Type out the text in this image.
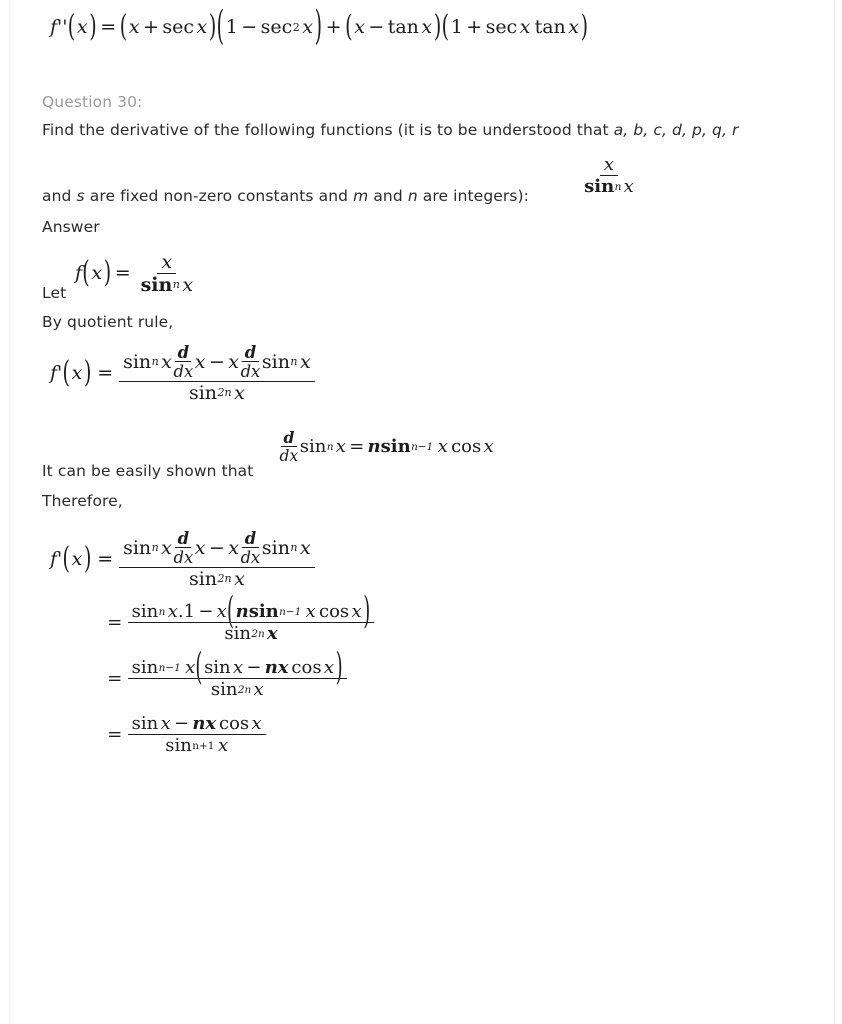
f '' ( x ) = ( x + sec x ) ( 1 − sec 2 x ) + ( x − tan x ) ( 1 + sec x tan x )
Question 30:
Find the derivative of the following functions (it is to be understood that a, b, c, d, p, q, r
and s are fixed non-zero constants and m and n are integers):	$\frac{x}{\text{sin n x}}$
Answer
Let
f ( x ) = $\frac{x}{\text{sin n x}}$
By quotient rule,
f' ( x ) =
sin n x d
dx x − x d
dx sin n x
sin 2n x
It can be easily shown that
d
dx sin n x = n sin n−1 x cos x
Therefore,
f' ( x ) =
sin n x d
dx x − x d
dx sin n x
sin 2n x
=
sin n x .1 − x ( n sin n−1 x cos x )
sin 2n x
=
sin n−1 x ( sin x − n x cos x )
sin 2n x
= $\frac{\text{sin x − n x cos x}}{\text{sin n+1 x}}$
